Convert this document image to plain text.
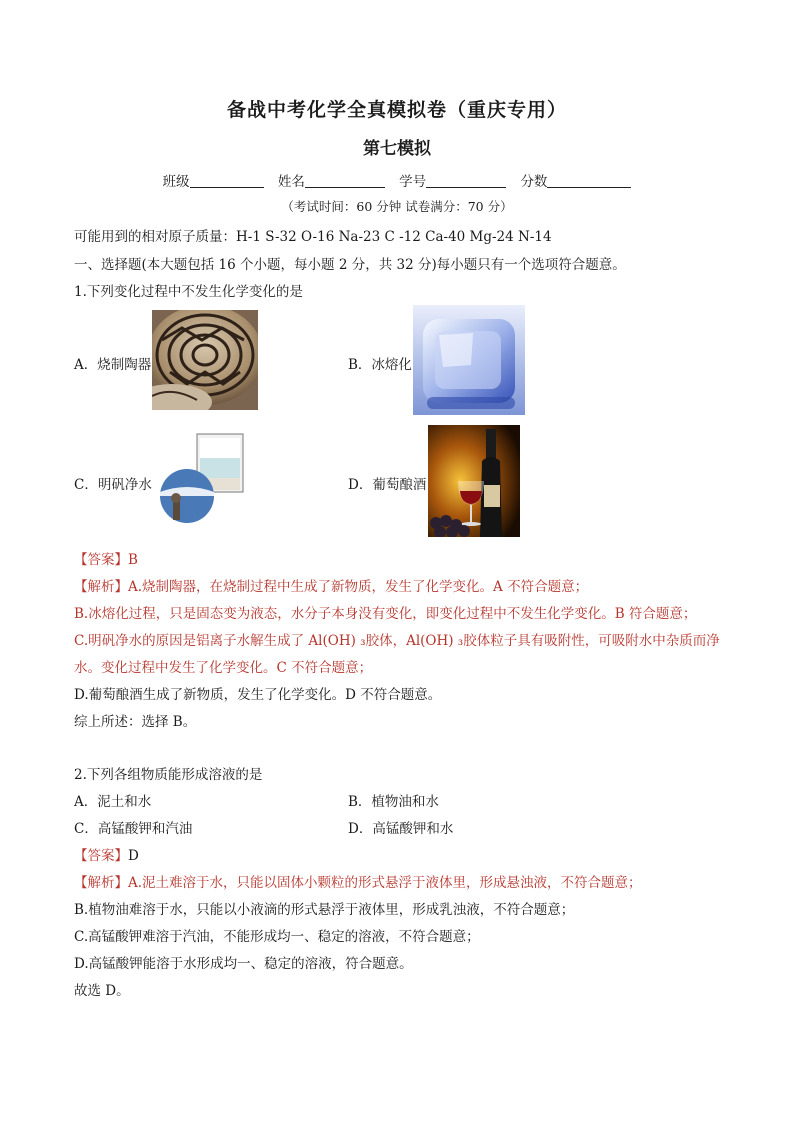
备战中考化学全真模拟卷（重庆专用）
第七模拟
班级	姓名	学号	分数
（考试时间：60 分钟 试卷满分：70 分）
可能用到的相对原子质量：H-1 S-32 O-16 Na-23 C -12 Ca-40 Mg-24 N-14
一、选择题(本大题包括 16 个小题，每小题 2 分，共 32 分)每小题只有一个选项符合题意。
1.下列变化过程中不发生化学变化的是
A．烧制陶器	B．冰熔化
C．明矾净水	D．葡萄酿酒
【答案】B
【解析】A.烧制陶器，在烧制过程中生成了新物质，发生了化学变化。A 不符合题意；
B.冰熔化过程，只是固态变为液态，水分子本身没有变化，即变化过程中不发生化学变化。B 符合题意；
C.明矾净水的原因是铝离子水解生成了 Al(OH) ₃胶体，Al(OH) ₃胶体粒子具有吸附性，可吸附水中杂质而净
水。变化过程中发生了化学变化。C 不符合题意；
D.葡萄酿酒生成了新物质，发生了化学变化。D 不符合题意。
综上所述：选择 B。
2.下列各组物质能形成溶液的是
A．泥土和水	B．植物油和水
C．高锰酸钾和汽油	D．高锰酸钾和水
【答案】D
【解析】A.泥土难溶于水，只能以固体小颗粒的形式悬浮于液体里，形成悬浊液，不符合题意；
B.植物油难溶于水，只能以小液滴的形式悬浮于液体里，形成乳浊液，不符合题意；
C.高锰酸钾难溶于汽油，不能形成均一、稳定的溶液，不符合题意；
D.高锰酸钾能溶于水形成均一、稳定的溶液，符合题意。
故选 D。
